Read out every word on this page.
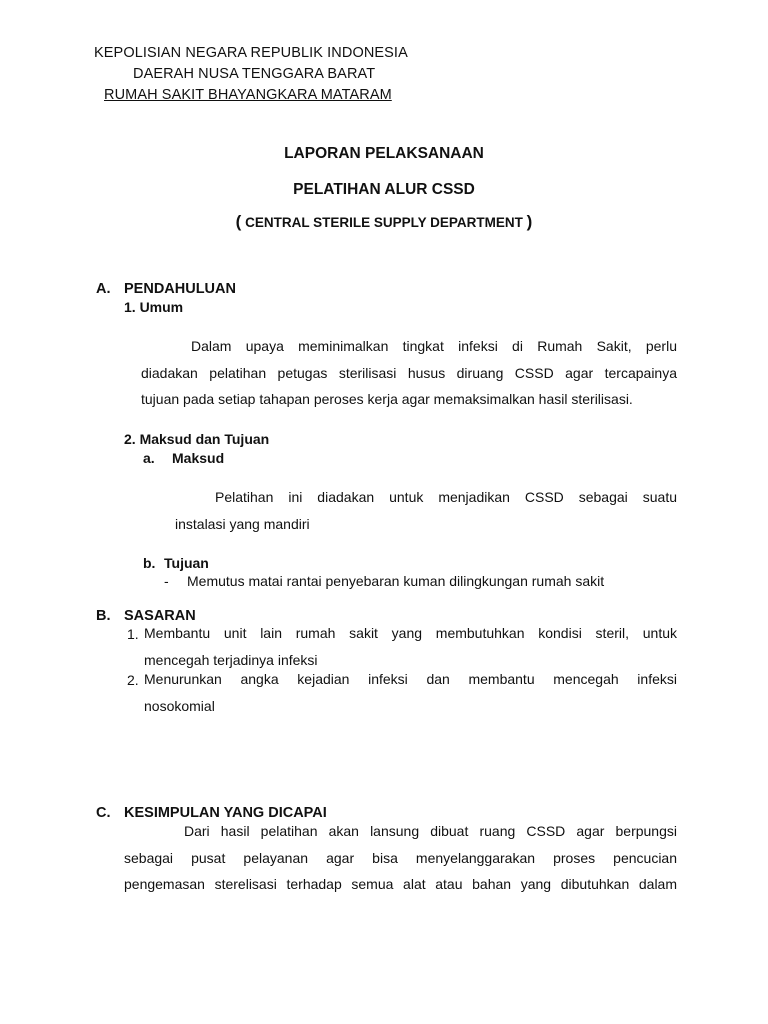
KEPOLISIAN NEGARA REPUBLIK INDONESIA
DAERAH NUSA TENGGARA BARAT
RUMAH SAKIT BHAYANGKARA MATARAM
LAPORAN PELAKSANAAN
PELATIHAN ALUR CSSD
( CENTRAL STERILE SUPPLY DEPARTMENT )
A. PENDAHULUAN
1. Umum
Dalam upaya meminimalkan tingkat infeksi di Rumah Sakit, perlu
diadakan pelatihan petugas sterilisasi husus diruang CSSD agar tercapainya
tujuan pada setiap tahapan peroses kerja agar memaksimalkan hasil sterilisasi.
2. Maksud dan Tujuan
a. Maksud
Pelatihan ini diadakan untuk menjadikan CSSD sebagai suatu
instalasi yang mandiri
b. Tujuan
- Memutus matai rantai penyebaran kuman dilingkungan rumah sakit
B. SASARAN
1. Membantu unit lain rumah sakit yang membutuhkan kondisi steril, untuk
mencegah terjadinya infeksi
2. Menurunkan angka kejadian infeksi dan membantu mencegah infeksi
nosokomial
C. KESIMPULAN YANG DICAPAI
Dari hasil pelatihan akan lansung dibuat ruang CSSD agar berpungsi
sebagai pusat pelayanan agar bisa menyelanggarakan proses pencucian
pengemasan sterelisasi terhadap semua alat atau bahan yang dibutuhkan dalam
